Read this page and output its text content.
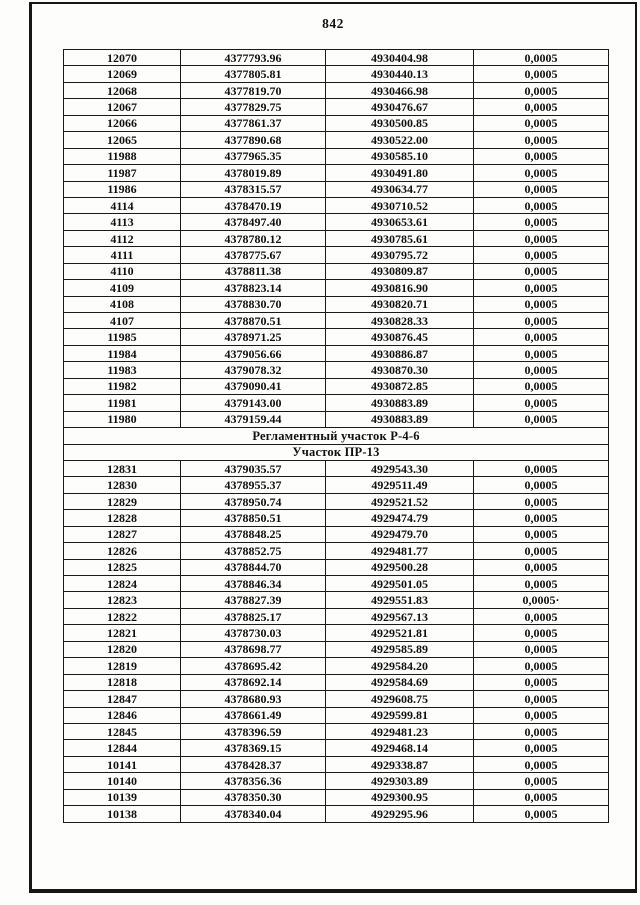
842
12070	4377793.96	4930404.98	0,0005
12069	4377805.81	4930440.13	0,0005
12068	4377819.70	4930466.98	0,0005
12067	4377829.75	4930476.67	0,0005
12066	4377861.37	4930500.85	0,0005
12065	4377890.68	4930522.00	0,0005
11988	4377965.35	4930585.10	0,0005
11987	4378019.89	4930491.80	0,0005
11986	4378315.57	4930634.77	0,0005
4114	4378470.19	4930710.52	0,0005
4113	4378497.40	4930653.61	0,0005
4112	4378780.12	4930785.61	0,0005
4111	4378775.67	4930795.72	0,0005
4110	4378811.38	4930809.87	0,0005
4109	4378823.14	4930816.90	0,0005
4108	4378830.70	4930820.71	0,0005
4107	4378870.51	4930828.33	0,0005
11985	4378971.25	4930876.45	0,0005
11984	4379056.66	4930886.87	0,0005
11983	4379078.32	4930870.30	0,0005
11982	4379090.41	4930872.85	0,0005
11981	4379143.00	4930883.89	0,0005
11980	4379159.44	4930883.89	0,0005
Регламентный участок Р-4-6			
Участок ПР-13			
12831	4379035.57	4929543.30	0,0005
12830	4378955.37	4929511.49	0,0005
12829	4378950.74	4929521.52	0,0005
12828	4378850.51	4929474.79	0,0005
12827	4378848.25	4929479.70	0,0005
12826	4378852.75	4929481.77	0,0005
12825	4378844.70	4929500.28	0,0005
12824	4378846.34	4929501.05	0,0005
12823	4378827.39	4929551.83	0,0005·
12822	4378825.17	4929567.13	0,0005
12821	4378730.03	4929521.81	0,0005
12820	4378698.77	4929585.89	0,0005
12819	4378695.42	4929584.20	0,0005
12818	4378692.14	4929584.69	0,0005
12847	4378680.93	4929608.75	0,0005
12846	4378661.49	4929599.81	0,0005
12845	4378396.59	4929481.23	0,0005
12844	4378369.15	4929468.14	0,0005
10141	4378428.37	4929338.87	0,0005
10140	4378356.36	4929303.89	0,0005
10139	4378350.30	4929300.95	0,0005
10138	4378340.04	4929295.96	0,0005
